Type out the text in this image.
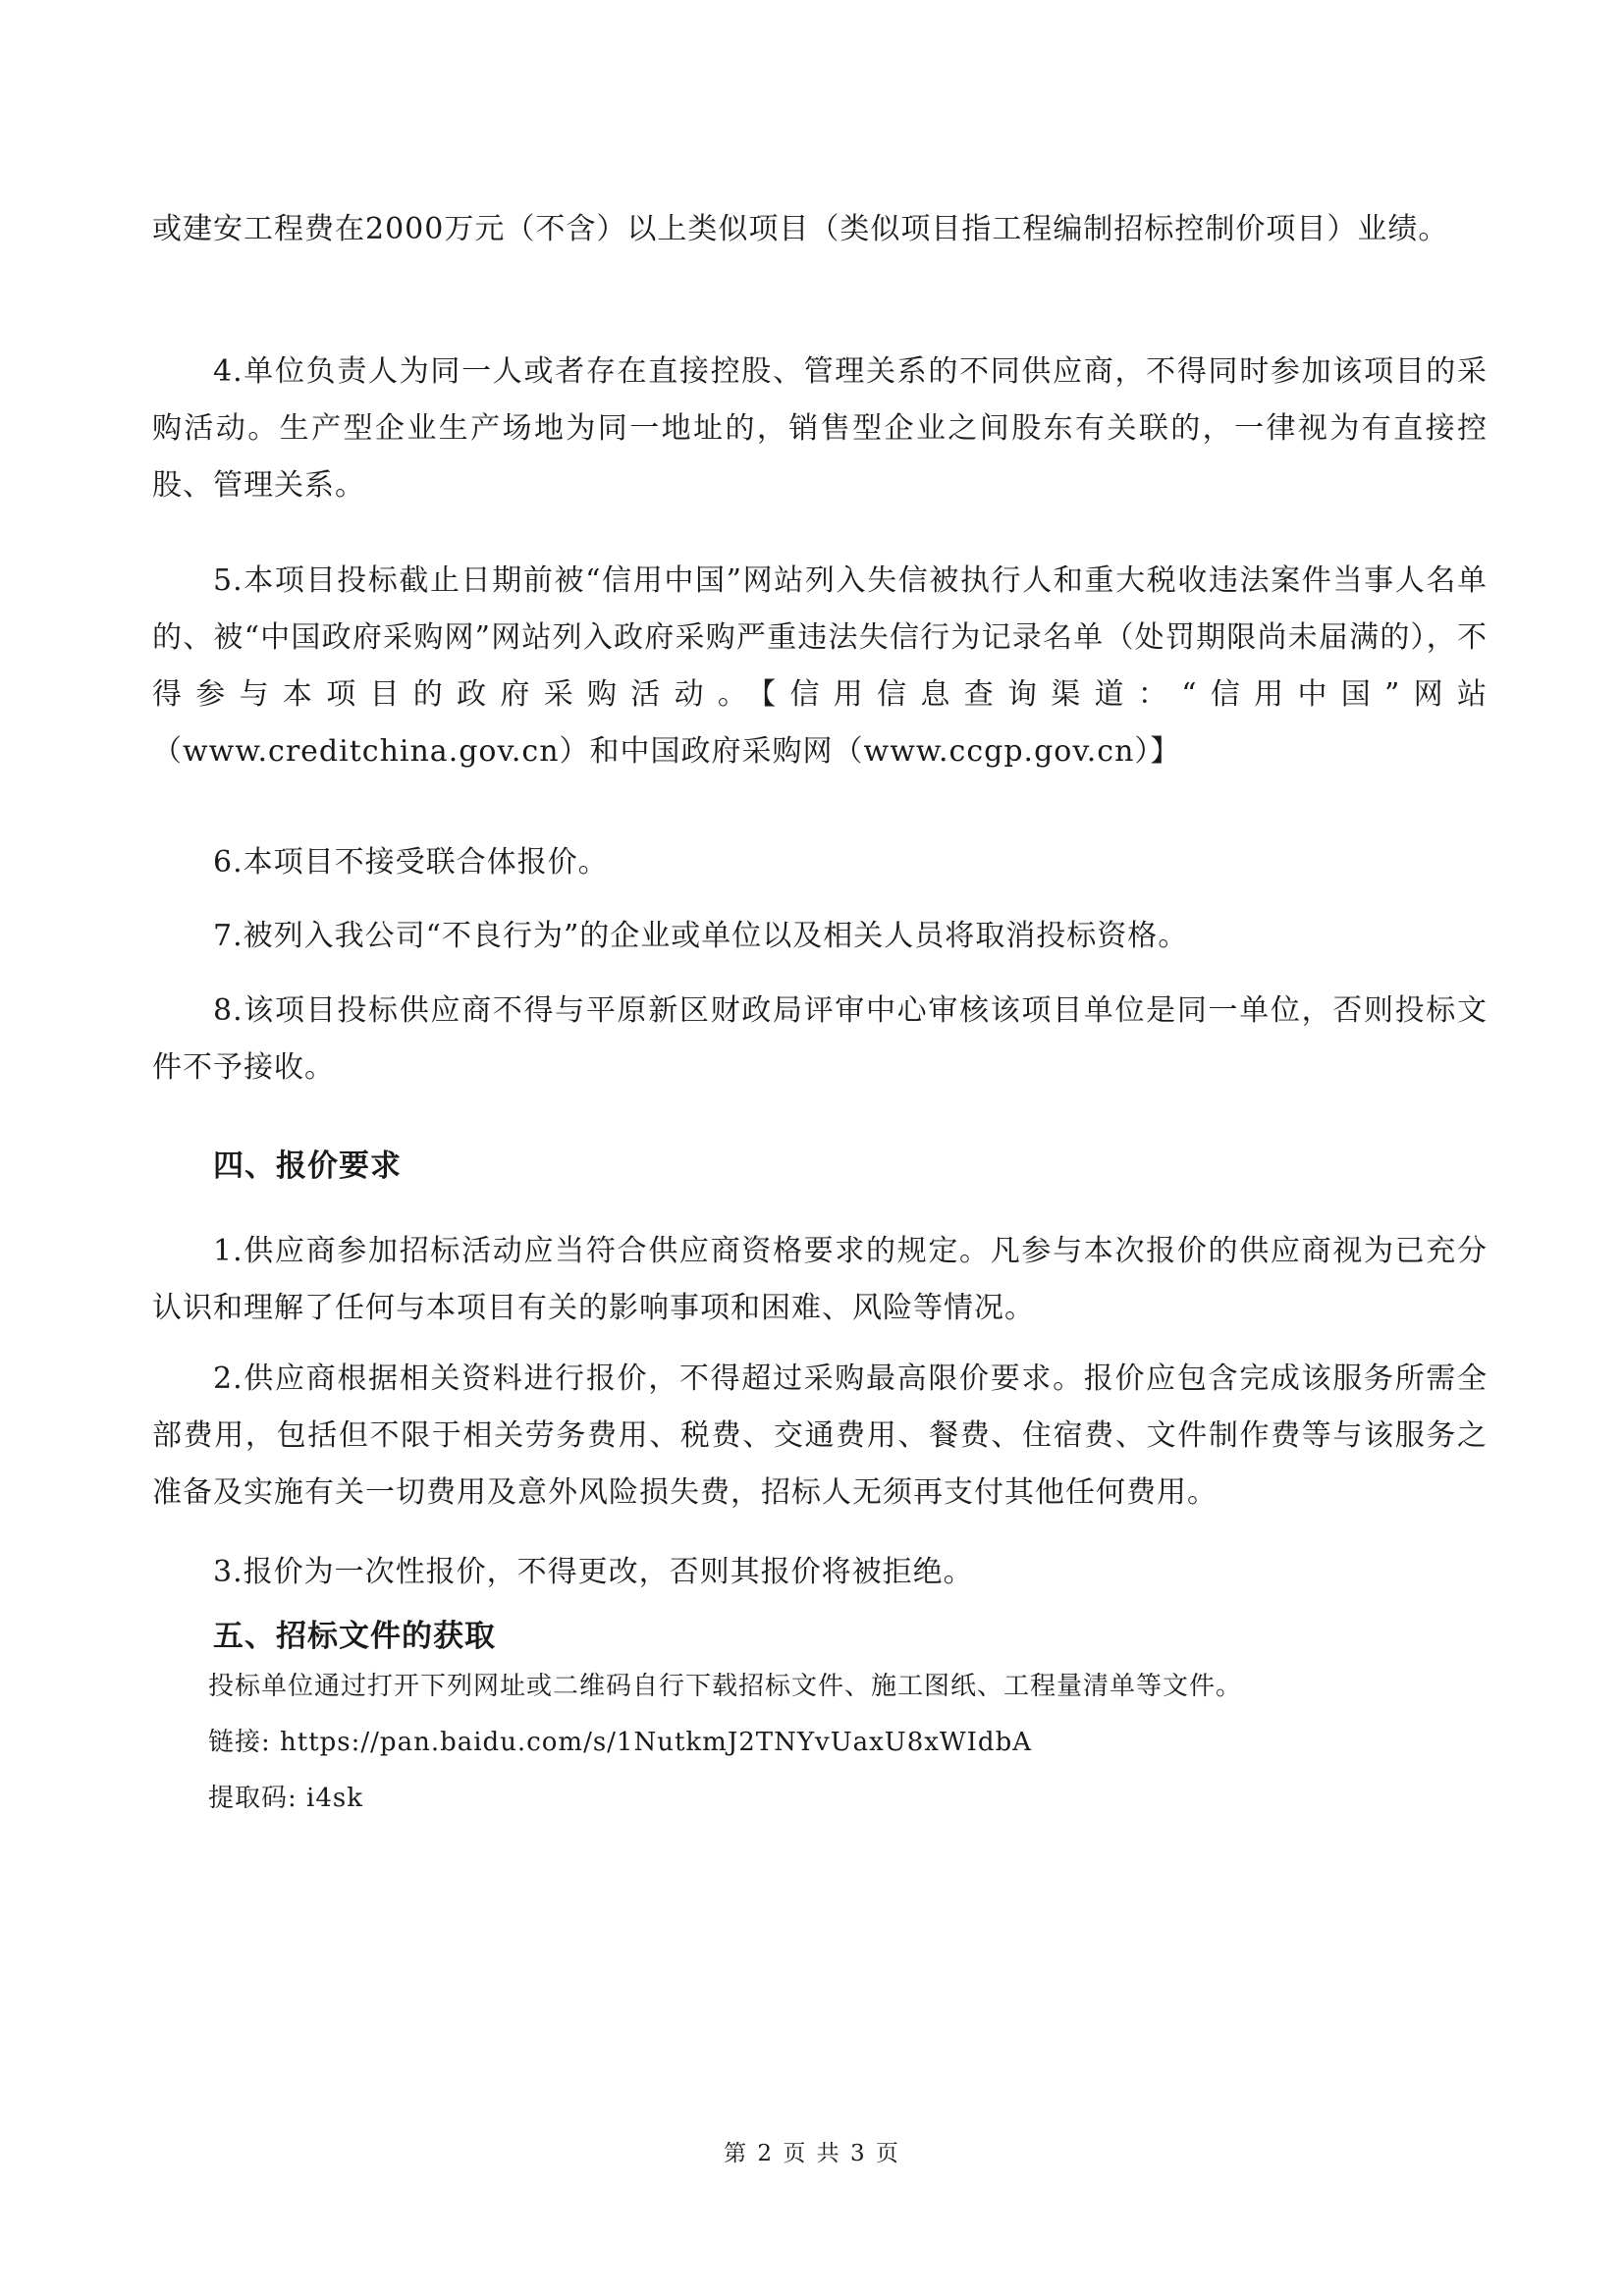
或建安工程费在2000万元（不含）以上类似项目（类似项目指工程编制招标控制价项目）业绩。

4.单位负责人为同一人或者存在直接控股、管理关系的不同供应商，不得同时参加该项目的采购活动。生产型企业生产场地为同一地址的，销售型企业之间股东有关联的，一律视为有直接控股、管理关系。

5.本项目投标截止日期前被“信用中国”网站列入失信被执行人和重大税收违法案件当事人名单的、被“中国政府采购网”网站列入政府采购严重违法失信行为记录名单（处罚期限尚未届满的），不得参与本项目的政府采购活动。【信用信息查询渠道：“信用中国”网站（www.creditchina.gov.cn）和中国政府采购网（www.ccgp.gov.cn）】

6.本项目不接受联合体报价。

7.被列入我公司“不良行为”的企业或单位以及相关人员将取消投标资格。

8.该项目投标供应商不得与平原新区财政局评审中心审核该项目单位是同一单位，否则投标文件不予接收。

四、报价要求

1.供应商参加招标活动应当符合供应商资格要求的规定。凡参与本次报价的供应商视为已充分认识和理解了任何与本项目有关的影响事项和困难、风险等情况。

2.供应商根据相关资料进行报价，不得超过采购最高限价要求。报价应包含完成该服务所需全部费用，包括但不限于相关劳务费用、税费、交通费用、餐费、住宿费、文件制作费等与该服务之准备及实施有关一切费用及意外风险损失费，招标人无须再支付其他任何费用。

3.报价为一次性报价，不得更改，否则其报价将被拒绝。

五、招标文件的获取

投标单位通过打开下列网址或二维码自行下载招标文件、施工图纸、工程量清单等文件。

链接: https://pan.baidu.com/s/1NutkmJ2TNYvUaxU8xWIdbA

提取码: i4sk

第 2 页 共 3 页
